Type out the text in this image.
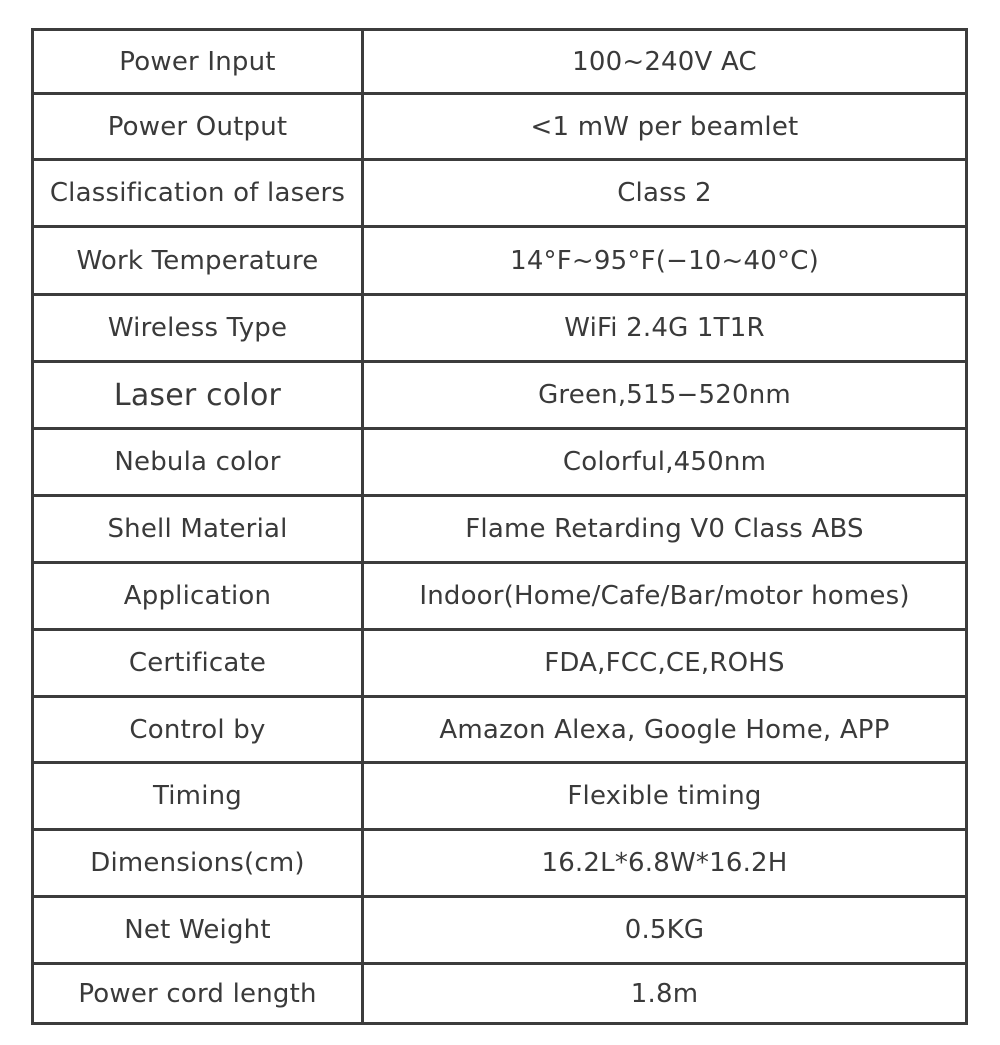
Power Input	100~240V AC
Power Output	<1 mW per beamlet
Classification of lasers	Class 2
Work Temperature	14°F~95°F(−10~40°C)
Wireless Type	WiFi 2.4G 1T1R
Laser color	Green,515−520nm
Nebula color	Colorful,450nm
Shell Material	Flame Retarding V0 Class ABS
Application	Indoor(Home/Cafe/Bar/motor homes)
Certificate	FDA,FCC,CE,ROHS
Control by	Amazon Alexa, Google Home, APP
Timing	Flexible timing
Dimensions(cm)	16.2L*6.8W*16.2H
Net Weight	0.5KG
Power cord length	1.8m
